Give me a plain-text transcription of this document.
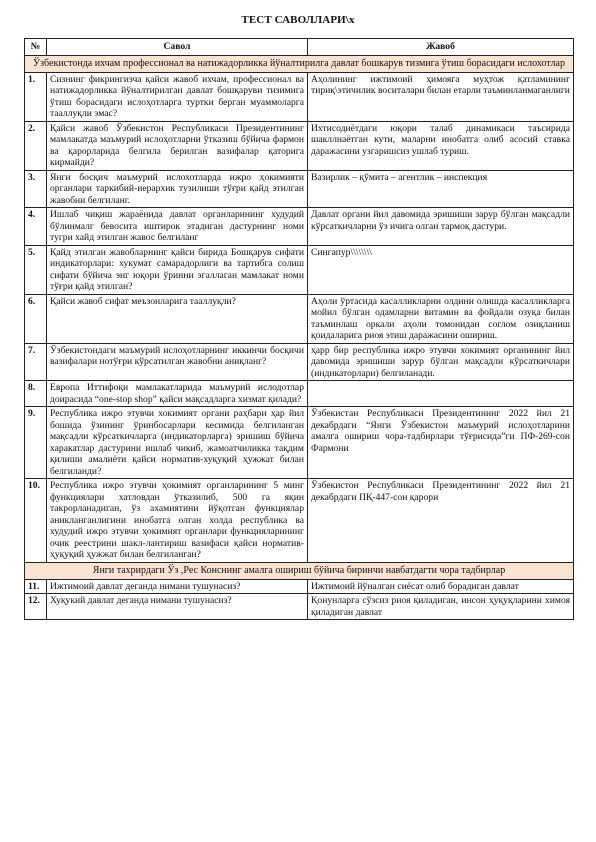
ТЕСТ САВОЛЛАРИ\x
№	Савол	Жавоб
Ўзбекистонда ихчам профессионал ва натижадорликка йўналтирилга давлат бошкарув тизмига ўтиш борасидаги ислохотлар		
1.	Сизнинг фикрингизча қайси жавоб ихчам, профессионал ва натижадорликка йўналтирилган давлат бошқаруви тизимига ўтиш борасидаги ислоҳотларга туртки берган муаммоларга тааллуқли эмас?	Аҳолининг ижтимоий ҳимояга муҳтож қатламининг тириқ\этичилик воситалари билан етарли таъминланмаганлиги
2.	Қайси жавоб Ўзбекистон Республикаси Президентининг мамлакатда маъмурий ислоҳотларни ўтказиш бўйича фармон ва қарорларида белгила берилган вазифалар қаторига кирмайди?	Ихтисодиётдаги юқори талаб динамикаси таъсирида шакллнаётган кути, маларни инобатга олиб асосий ставка даражасини узгаришсиз ушлаб туриш.
3.	Янги босқич маъмурий ислохотларда ижро ҳокимияти органлари таркибий-иерархик тузилиши тўғри қайд этилган жавобни белгиланг.	Вазирлик – қўмита – агентлик – инспекция
4.	Ишлаб чиқиш жараёнида давлат органларининг худудий бўлинмалг бевосита иштирок этадиган дастурнинг номи тугри хайд этилган жавос белгиланг	Давлат органи йил давомида эришиши заруp бўлган мақсадли кўрсаткичларни ўз ичига олган тармоқ дастури.
5.	Қайд этилган жавобларнинг қайси бирида Бошқарув сифати индикаторлари: хукумат самарадорлиги ва тартибга солиш сифати бўйича энг юқори ўринни эгаллаган мамлакат номи тўғри қайд этилган?	Сингапур\\\\\\\\
6.	Қайси жавоб сифат меъзонларига тааллуқли?	Аҳоли ўртасида касалликларни олдини олишда касалликларга мойил бўлган одамларни витамин ва фойдали озуқа билан таъминлаш оркали аҳоли томонидан соглом озиқланиш қоидаларига риоя этиш даражасини ошириш.
7.	Ўзбекистондаги маъмурий ислоҳотларнинг иккинчи босқичи вазифалари нотўғри кўрсатилган жавобни аниқланг?	ҳарр бир республика ижро этувчи хокимият органининг йил давомида эришиши заруp бўлган мақсадли кўрсаткичлари (индикаторлари) белгиланади.
8.	Европа Иттифоқи мамлакатларида маъмурий ислодотлар доирасида “one-stop shop” қайси мақсадларга хизмат қилади?	
9.	Республика ижро этувчи хокимият органи раҳбари ҳар йил бошида ўзининг ўринбосарлари кесимида белгиланган мақсадли кўрсаткичларга (индикаторларга) эришиш бўйича харакатлар дастурини ишлаб чикиб, жамоатчиликка тақдим қилиши амалиёти қайси норматив-хуқуқий ҳужжат билан белгиланди?	Ўзбекистан Республикаси Президентининг 2022 йил 21 декабрдаги “Янги Ўзбекистон маъмурий ислоҳотларини амалга ошириш чора-тадбирлари тўғрисида”ги ПФ-269-сон Фармони
10.	Республика ижро этувчи ҳокимият органларининг 5 минг функциялари хатловдан ўтказилиб, 500 га яқин такрорланадиган, ўз ахамиятини йўқотган функциялар аникланганлигини инобатга олган холда республика ва худудий ижро этувчи ҳокимият органлари функцияларининг очик реестрини шакл-лантириш вазифаси қайси норматив-ҳуқуқий ҳужжат билан белгиланган?	Ўзбекистон Республикаси Президентининг 2022 йил 21 декабрдаги ПҚ-447-сон қарори
Янги тахрирдаги Ўз ,Рес Конснинг амалга ошириш бўйича биринчи навбатдагти чора тадбирлар		
11.	Ижтимоий давлат деганда нимани тушунасиз?	Ижтимоий йўналган сиёсат олиб борадиган давлат
12.	Хуқукий давлат деганда нимани тушунасиз?	Қонунларга сўзсиз риоя қиладиган, инсон ҳуқуқларини химоя қиладиган давлат
